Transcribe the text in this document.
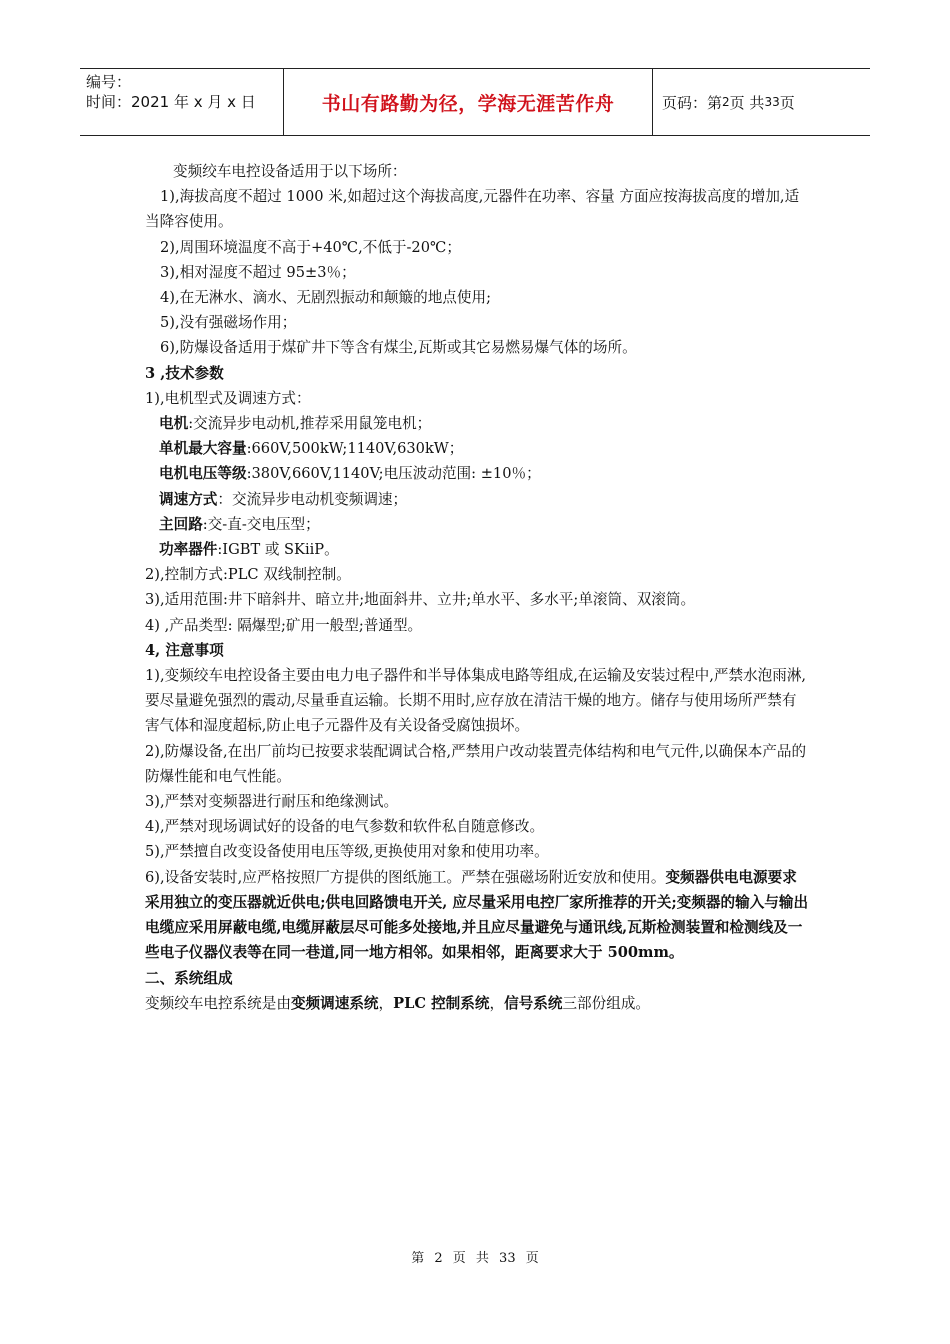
编号：
时间：2021 年 x 月 x 日	书山有路勤为径，学海无涯苦作舟	页码：第 2 页 共 33 页

变频绞车电控设备适用于以下场所：

1),海拔高度不超过 1000 米,如超过这个海拔高度,元器件在功率、容量 方面应按海拔高度的增加,适当降容使用。

2),周围环境温度不高于+40℃,不低于-20℃；

3),相对湿度不超过 95±3％；

4),在无淋水、滴水、无剧烈振动和颠簸的地点使用;

5),没有强磁场作用；

6),防爆设备适用于煤矿井下等含有煤尘,瓦斯或其它易燃易爆气体的场所。

3 ,技术参数

1),电机型式及调速方式：

电机:交流异步电动机,推荐采用鼠笼电机；

单机最大容量:660V,500kW;1140V,630kW；

电机电压等级:380V,660V,1140V;电压波动范围: ±10％；

调速方式：交流异步电动机变频调速；

主回路:交-直-交电压型；

功率器件:IGBT 或 SKiiP。

2),控制方式:PLC 双线制控制。

3),适用范围:井下暗斜井、暗立井;地面斜井、立井;单水平、多水平;单滚筒、双滚筒。

4) ,产品类型: 隔爆型;矿用一般型;普通型。

4, 注意事项

1),变频绞车电控设备主要由电力电子器件和半导体集成电路等组成,在运输及安装过程中,严禁水泡雨淋,要尽量避免强烈的震动,尽量垂直运输。长期不用时,应存放在清洁干燥的地方。储存与使用场所严禁有害气体和湿度超标,防止电子元器件及有关设备受腐蚀损坏。

2),防爆设备,在出厂前均已按要求装配调试合格,严禁用户改动装置壳体结构和电气元件,以确保本产品的防爆性能和电气性能。

3),严禁对变频器进行耐压和绝缘测试。

4),严禁对现场调试好的设备的电气参数和软件私自随意修改。

5),严禁擅自改变设备使用电压等级,更换使用对象和使用功率。

6),设备安装时,应严格按照厂方提供的图纸施工。严禁在强磁场附近安放和使用。变频器供电电源要求采用独立的变压器就近供电;供电回路馈电开关, 应尽量采用电控厂家所推荐的开关;变频器的输入与输出电缆应采用屏蔽电缆,电缆屏蔽层尽可能多处接地,并且应尽量避免与通讯线,瓦斯检测装置和检测线及一些电子仪器仪表等在同一巷道,同一地方相邻。如果相邻，距离要求大于 500mm。

二、系统组成

变频绞车电控系统是由变频调速系统，PLC 控制系统，信号系统三部份组成。

第 2 页 共 33 页
